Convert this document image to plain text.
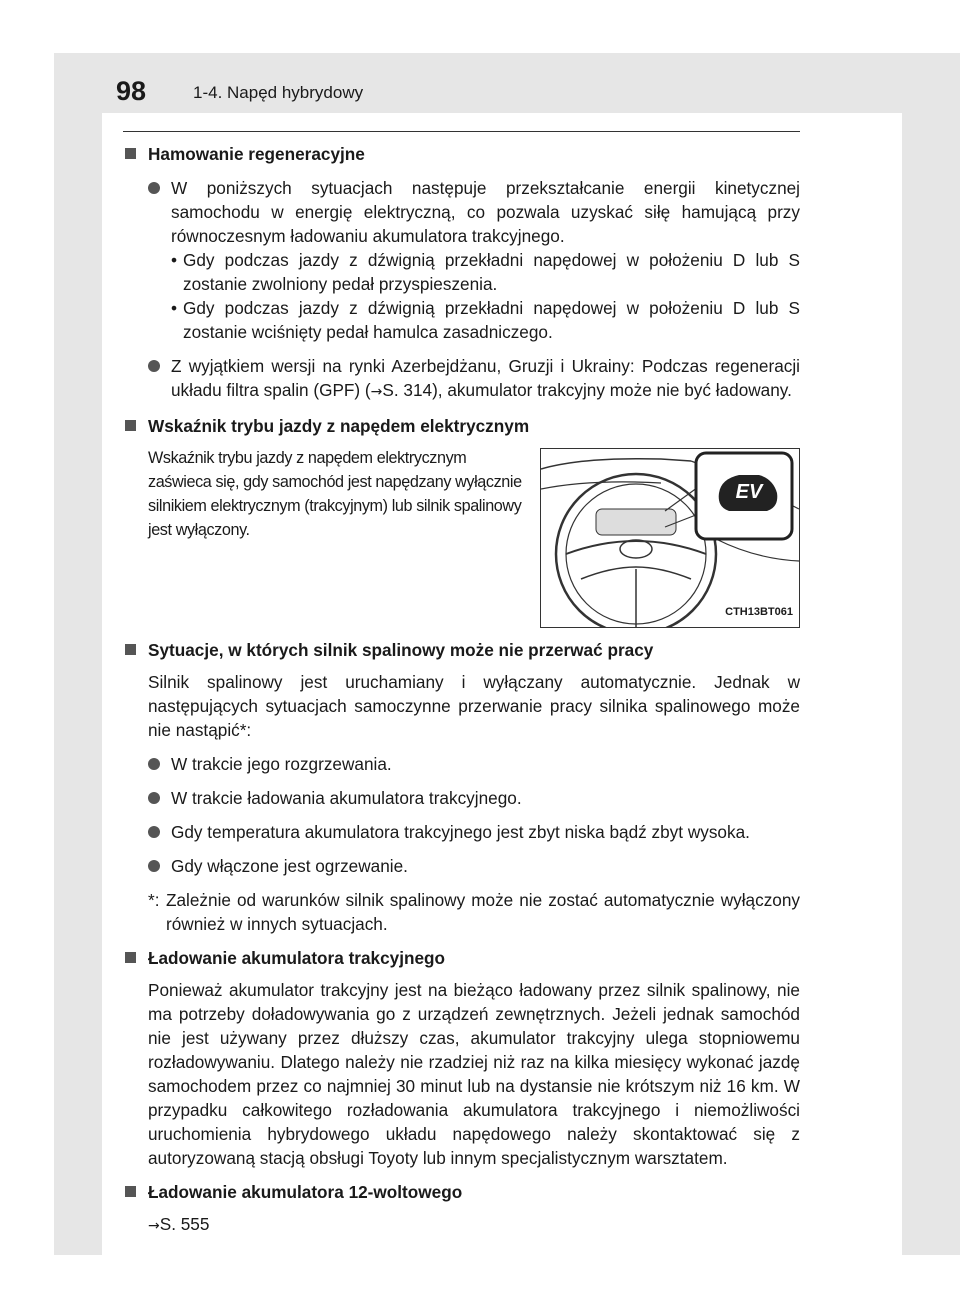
98	1-4. Napęd hybrydowy
Hamowanie regeneracyjne
W poniższych sytuacjach następuje przekształcanie energii kinetycznej samochodu w energię elektryczną, co pozwala uzyskać siłę hamującą przy równoczesnym ładowaniu akumulatora trakcyjnego.
• Gdy podczas jazdy z dźwignią przekładni napędowej w położeniu D lub S zostanie zwolniony pedał przyspieszenia.
• Gdy podczas jazdy z dźwignią przekładni napędowej w położeniu D lub S zostanie wciśnięty pedał hamulca zasadniczego.
Z wyjątkiem wersji na rynki Azerbejdżanu, Gruzji i Ukrainy: Podczas regeneracji układu filtra spalin (GPF) (→S. 314), akumulator trakcyjny może nie być ładowany.
Wskaźnik trybu jazdy z napędem elektrycznym
Wskaźnik trybu jazdy z napędem elektrycznym zaświeca się, gdy samochód jest napędzany wyłącznie silnikiem elektrycznym (trakcyjnym) lub silnik spalinowy jest wyłączony.
EV
CTH13BT061
Sytuacje, w których silnik spalinowy może nie przerwać pracy
Silnik spalinowy jest uruchamiany i wyłączany automatycznie. Jednak w następujących sytuacjach samoczynne przerwanie pracy silnika spalinowego może nie nastąpić*:
W trakcie jego rozgrzewania.
W trakcie ładowania akumulatora trakcyjnego.
Gdy temperatura akumulatora trakcyjnego jest zbyt niska bądź zbyt wysoka.
Gdy włączone jest ogrzewanie.
*: Zależnie od warunków silnik spalinowy może nie zostać automatycznie wyłączony również w innych sytuacjach.
Ładowanie akumulatora trakcyjnego
Ponieważ akumulator trakcyjny jest na bieżąco ładowany przez silnik spalinowy, nie ma potrzeby doładowywania go z urządzeń zewnętrznych. Jeżeli jednak samochód nie jest używany przez dłuższy czas, akumulator trakcyjny ulega stopniowemu rozładowywaniu. Dlatego należy nie rzadziej niż raz na kilka miesięcy wykonać jazdę samochodem przez co najmniej 30 minut lub na dystansie nie krótszym niż 16 km. W przypadku całkowitego rozładowania akumulatora trakcyjnego i niemożliwości uruchomienia hybrydowego układu napędowego należy skontaktować się z autoryzowaną stacją obsługi Toyoty lub innym specjalistycznym warsztatem.
Ładowanie akumulatora 12-woltowego
→S. 555
